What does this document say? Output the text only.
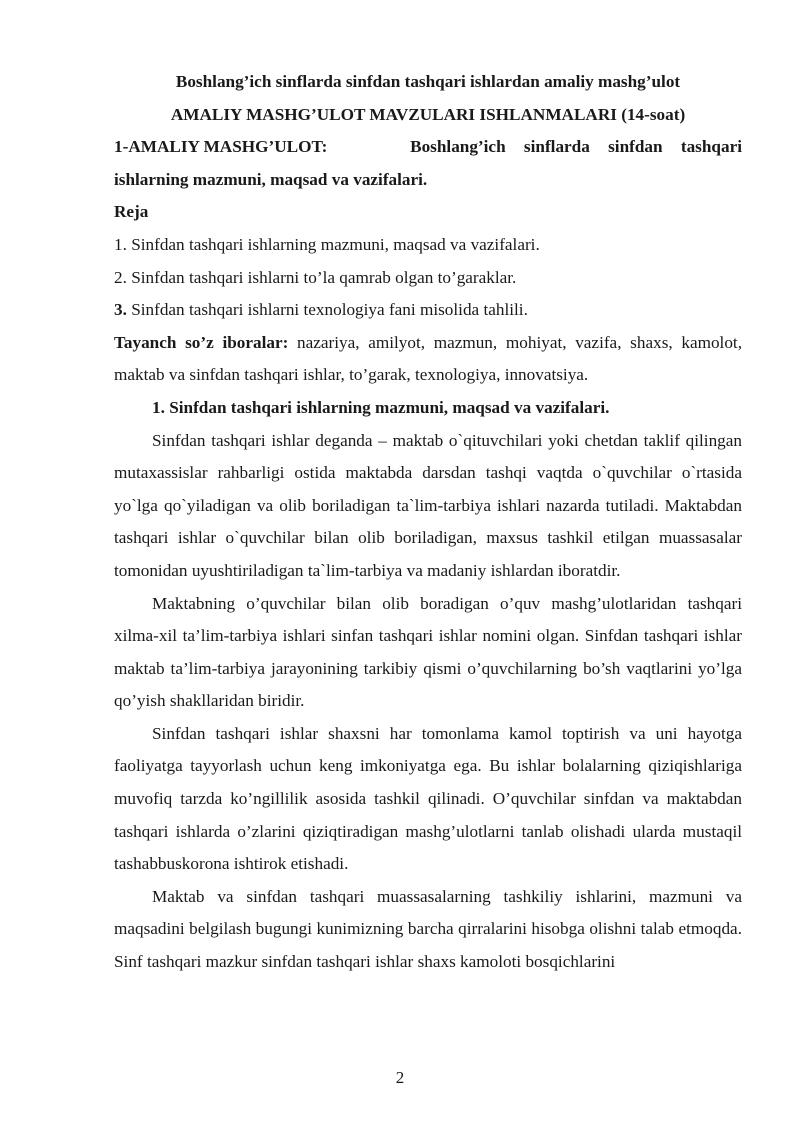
Boshlang’ich sinflarda sinfdan tashqari ishlardan amaliy mashg’ulot
AMALIY MASHG’ULOT MAVZULARI ISHLANMALARI (14-soat)
1-AMALIY MASHG’ULOT:	Boshlang’ich sinflarda sinfdan tashqari
ishlarning mazmuni, maqsad va vazifalari.
Reja
1. Sinfdan tashqari ishlarning mazmuni, maqsad va vazifalari.
2. Sinfdan tashqari ishlarni to’la qamrab olgan to’garaklar.
3. Sinfdan tashqari ishlarni texnologiya fani misolida tahlili.
Tayanch so’z iboralar: nazariya, amilyot, mazmun, mohiyat, vazifa, shaxs, kamolot, maktab va sinfdan tashqari ishlar, to’garak, texnologiya, innovatsiya.
1. Sinfdan tashqari ishlarning mazmuni, maqsad va vazifalari.
Sinfdan tashqari ishlar deganda – maktab o`qituvchilari yoki chetdan taklif qilingan mutaxassislar rahbarligi ostida maktabda darsdan tashqi vaqtda o`quvchilar o`rtasida yo`lga qo`yiladigan va olib boriladigan ta`lim-tarbiya ishlari nazarda tutiladi. Maktabdan tashqari ishlar o`quvchilar bilan olib boriladigan, maxsus tashkil etilgan muassasalar tomonidan uyushtiriladigan ta`lim-tarbiya va madaniy ishlardan iboratdir.
Maktabning o’quvchilar bilan olib boradigan o’quv mashg’ulotlaridan tashqari xilma-xil ta’lim-tarbiya ishlari sinfan tashqari ishlar nomini olgan. Sinfdan tashqari ishlar maktab ta’lim-tarbiya jarayonining tarkibiy qismi o’quvchilarning bo’sh vaqtlarini yo’lga qo’yish shakllaridan biridir.
Sinfdan tashqari ishlar shaxsni har tomonlama kamol toptirish va uni hayotga faoliyatga tayyorlash uchun keng imkoniyatga ega. Bu ishlar bolalarning qiziqishlariga muvofiq tarzda ko’ngillilik asosida tashkil qilinadi. O’quvchilar sinfdan va maktabdan tashqari ishlarda o’zlarini qiziqtiradigan mashg’ulotlarni tanlab olishadi ularda mustaqil tashabbuskorona ishtirok etishadi.
Maktab va sinfdan tashqari muassasalarning tashkiliy ishlarini, mazmuni va maqsadini belgilash bugungi kunimizning barcha qirralarini hisobga olishni talab etmoqda. Sinf tashqari mazkur sinfdan tashqari ishlar shaxs kamoloti bosqichlarini
2
